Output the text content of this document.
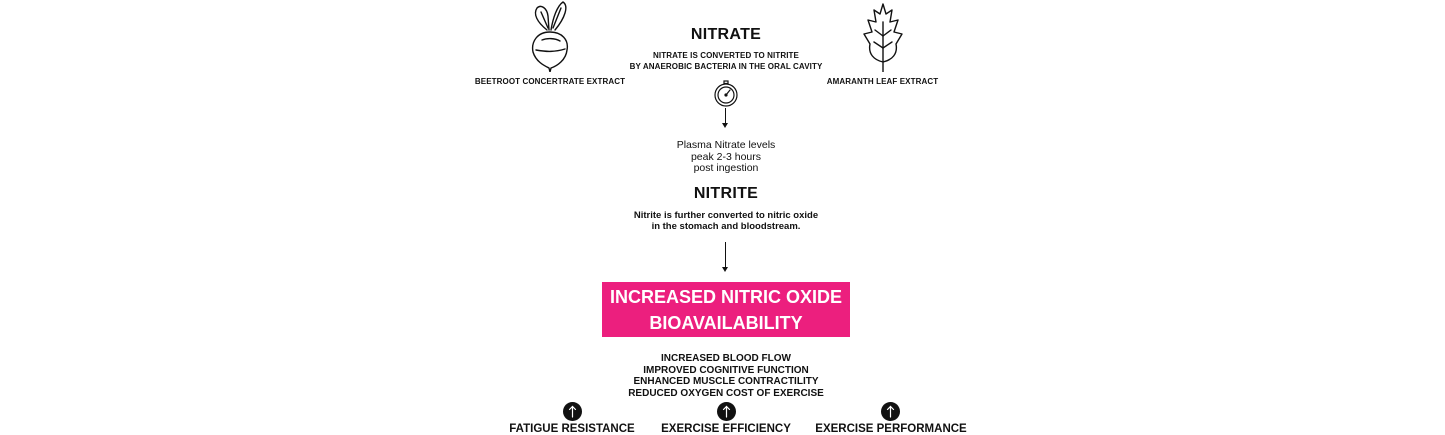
BEETROOT CONCERTRATE EXTRACT	AMARANTH LEAF EXTRACT
NITRATE
NITRATE IS CONVERTED TO NITRITE
BY ANAEROBIC BACTERIA IN THE ORAL CAVITY
Plasma Nitrate levels
peak 2-3 hours
post ingestion
NITRITE
Nitrite is further converted to nitric oxide
in the stomach and bloodstream.
INCREASED NITRIC OXIDE
BIOAVAILABILITY
INCREASED BLOOD FLOW
IMPROVED COGNITIVE FUNCTION
ENHANCED MUSCLE CONTRACTILITY
REDUCED OXYGEN COST OF EXERCISE
FATIGUE RESISTANCE	EXERCISE EFFICIENCY	EXERCISE PERFORMANCE
